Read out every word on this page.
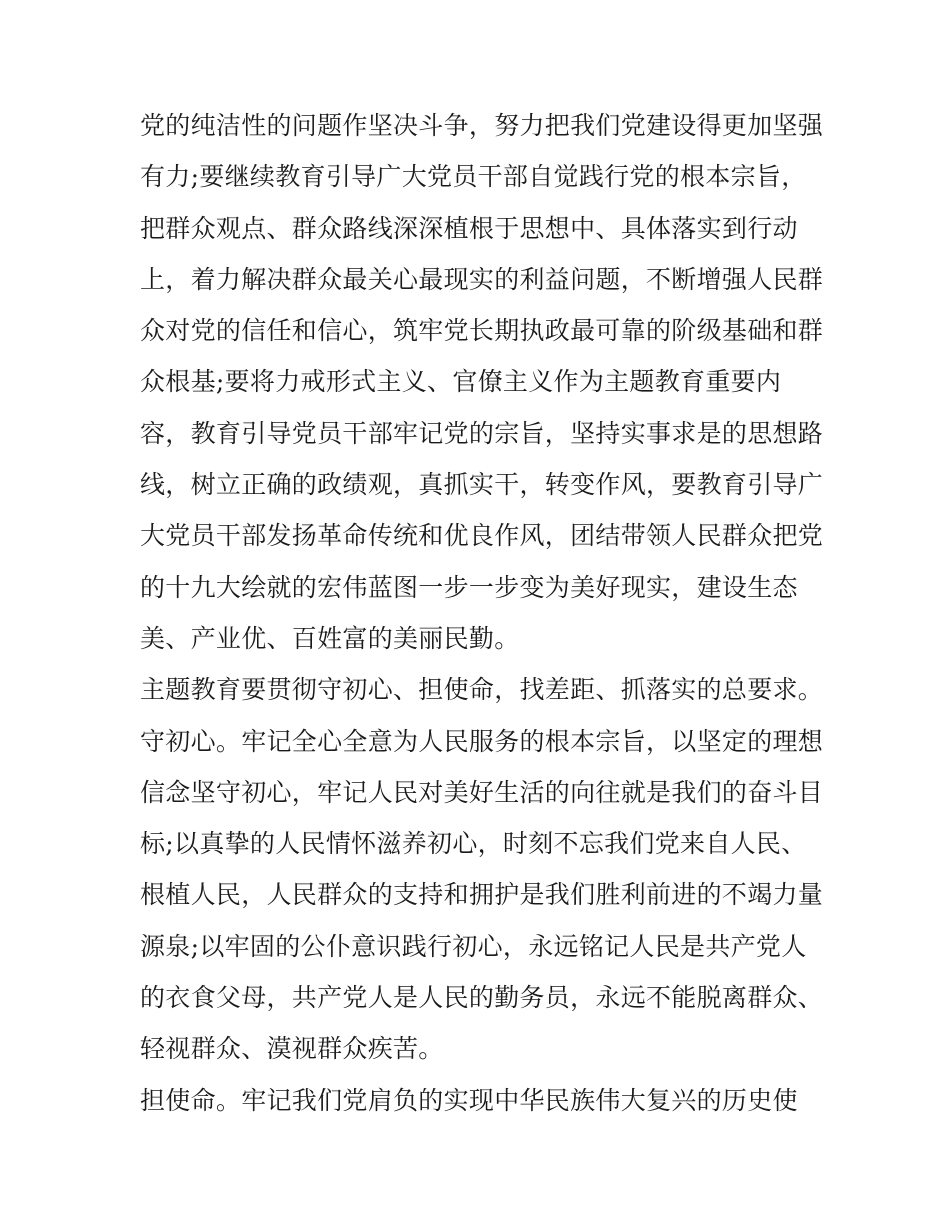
党的纯洁性的问题作坚决斗争，努力把我们党建设得更加坚强
有力;要继续教育引导广大党员干部自觉践行党的根本宗旨，
把群众观点、群众路线深深植根于思想中、具体落实到行动
上，着力解决群众最关心最现实的利益问题，不断增强人民群
众对党的信任和信心，筑牢党长期执政最可靠的阶级基础和群
众根基;要将力戒形式主义、官僚主义作为主题教育重要内
容，教育引导党员干部牢记党的宗旨，坚持实事求是的思想路
线，树立正确的政绩观，真抓实干，转变作风，要教育引导广
大党员干部发扬革命传统和优良作风，团结带领人民群众把党
的十九大绘就的宏伟蓝图一步一步变为美好现实，建设生态
美、产业优、百姓富的美丽民勤。
主题教育要贯彻守初心、担使命，找差距、抓落实的总要求。
守初心。牢记全心全意为人民服务的根本宗旨，以坚定的理想
信念坚守初心，牢记人民对美好生活的向往就是我们的奋斗目
标;以真挚的人民情怀滋养初心，时刻不忘我们党来自人民、
根植人民，人民群众的支持和拥护是我们胜利前进的不竭力量
源泉;以牢固的公仆意识践行初心，永远铭记人民是共产党人
的衣食父母，共产党人是人民的勤务员，永远不能脱离群众、
轻视群众、漠视群众疾苦。
担使命。牢记我们党肩负的实现中华民族伟大复兴的历史使
